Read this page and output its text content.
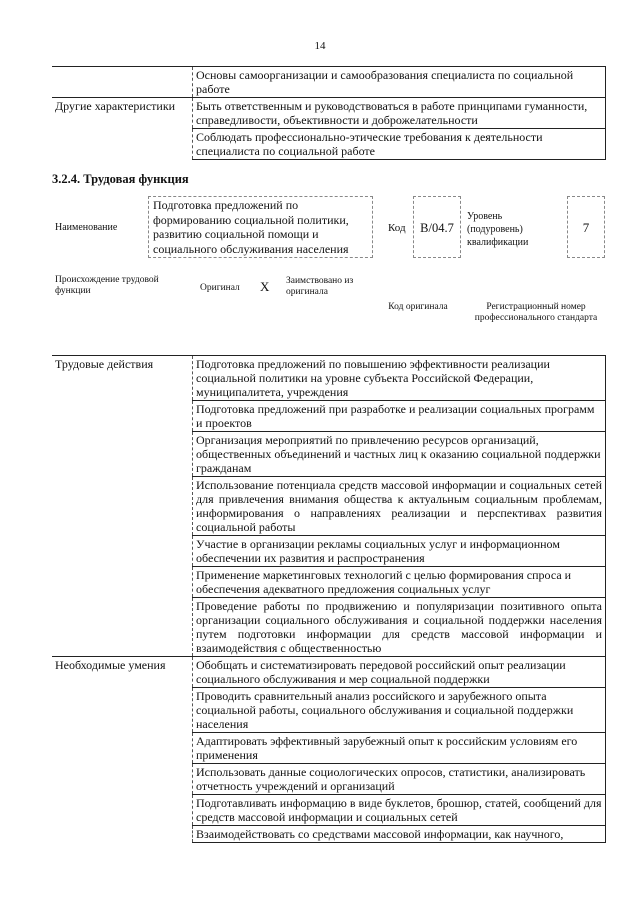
14
	Основы самоорганизации и самообразования специалиста по социальной работе
Другие характеристики	Быть ответственным и руководствоваться в работе принципами гуманности, справедливости, объективности и доброжелательности
	Соблюдать профессионально-этические требования к деятельности специалиста по социальной работе
3.2.4. Трудовая функция
Наименование
Подготовка предложений по формированию социальной политики, развитию социальной помощи и социального обслуживания населения
Код	В/04.7
Уровень (подуровень) квалификации
7
Происхождение трудовой функции	Оригинал X Заимствовано из оригинала
Код оригинала	Регистрационный номер профессионального стандарта
Трудовые действия	Подготовка предложений по повышению эффективности реализации социальной политики на уровне субъекта Российской Федерации, муниципалитета, учреждения
	Подготовка предложений при разработке и реализации социальных программ и проектов
	Организация мероприятий по привлечению ресурсов организаций, общественных объединений и частных лиц к оказанию социальной поддержки гражданам
	Использование потенциала средств массовой информации и социальных сетей для привлечения внимания общества к актуальным социальным проблемам, информирования о направлениях реализации и перспективах развития социальной работы
	Участие в организации рекламы социальных услуг и информационном обеспечении их развития и распространения
	Применение маркетинговых технологий с целью формирования спроса и обеспечения адекватного предложения социальных услуг
	Проведение работы по продвижению и популяризации позитивного опыта организации социального обслуживания и социальной поддержки населения путем подготовки информации для средств массовой информации и взаимодействия с общественностью
Необходимые умения	Обобщать и систематизировать передовой российский опыт реализации социального обслуживания и мер социальной поддержки
	Проводить сравнительный анализ российского и зарубежного опыта социальной работы, социального обслуживания и социальной поддержки населения
	Адаптировать эффективный зарубежный опыт к российским условиям его применения
	Использовать данные социологических опросов, статистики, анализировать отчетность учреждений и организаций
	Подготавливать информацию в виде буклетов, брошюр, статей, сообщений для средств массовой информации и социальных сетей
	Взаимодействовать со средствами массовой информации, как научного,
